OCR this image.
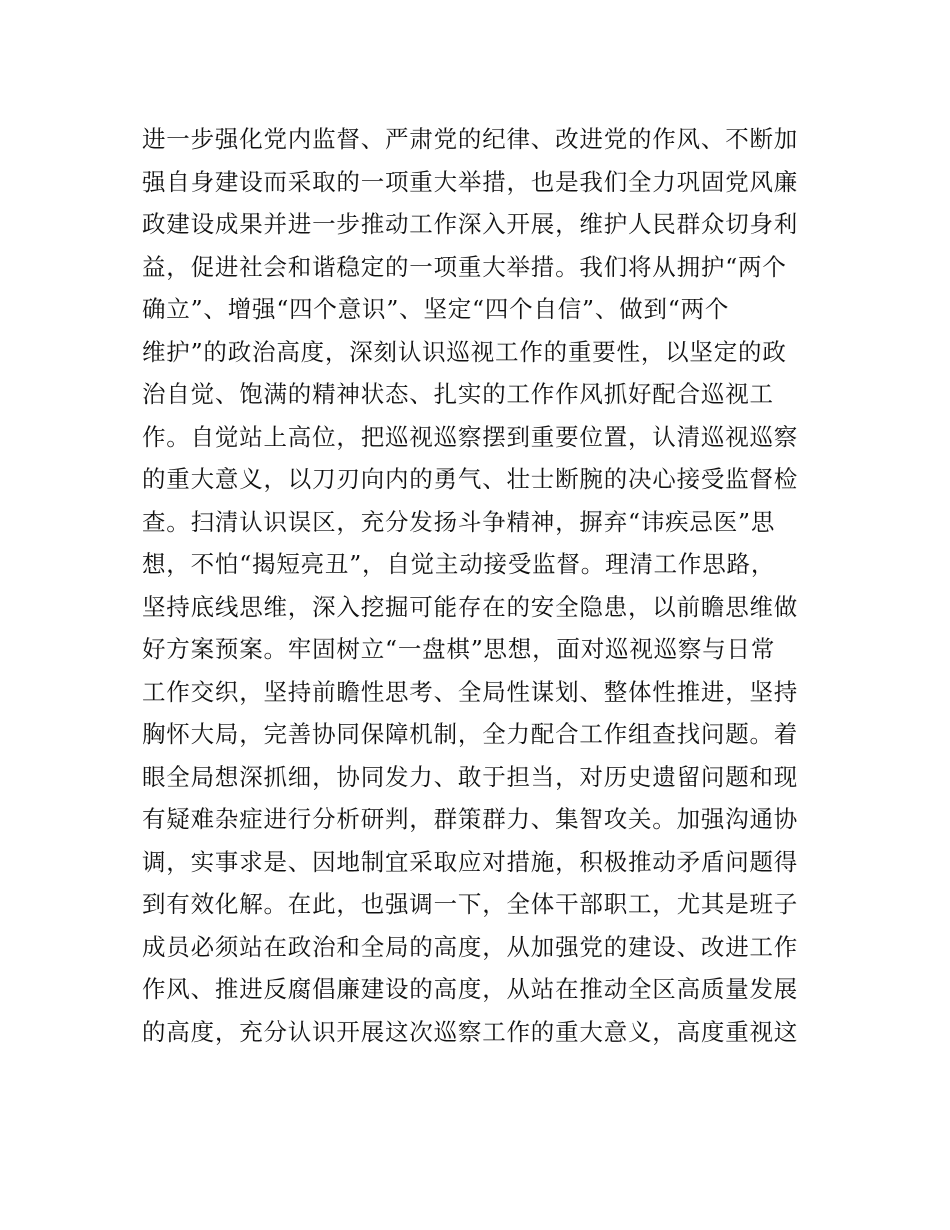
进一步强化党内监督、严肃党的纪律、改进党的作风、不断加
强自身建设而采取的一项重大举措，也是我们全力巩固党风廉
政建设成果并进一步推动工作深入开展，维护人民群众切身利
益，促进社会和谐稳定的一项重大举措。我们将从拥护“两个
确立”、增强“四个意识”、坚定“四个自信”、做到“两个
维护”的政治高度，深刻认识巡视工作的重要性，以坚定的政
治自觉、饱满的精神状态、扎实的工作作风抓好配合巡视工
作。自觉站上高位，把巡视巡察摆到重要位置，认清巡视巡察
的重大意义，以刀刃向内的勇气、壮士断腕的决心接受监督检
查。扫清认识误区，充分发扬斗争精神，摒弃“讳疾忌医”思
想，不怕“揭短亮丑”，自觉主动接受监督。理清工作思路，
坚持底线思维，深入挖掘可能存在的安全隐患，以前瞻思维做
好方案预案。牢固树立“一盘棋”思想，面对巡视巡察与日常
工作交织，坚持前瞻性思考、全局性谋划、整体性推进，坚持
胸怀大局，完善协同保障机制，全力配合工作组查找问题。着
眼全局想深抓细，协同发力、敢于担当，对历史遗留问题和现
有疑难杂症进行分析研判，群策群力、集智攻关。加强沟通协
调，实事求是、因地制宜采取应对措施，积极推动矛盾问题得
到有效化解。在此，也强调一下，全体干部职工，尤其是班子
成员必须站在政治和全局的高度，从加强党的建设、改进工作
作风、推进反腐倡廉建设的高度，从站在推动全区高质量发展
的高度，充分认识开展这次巡察工作的重大意义，高度重视这
